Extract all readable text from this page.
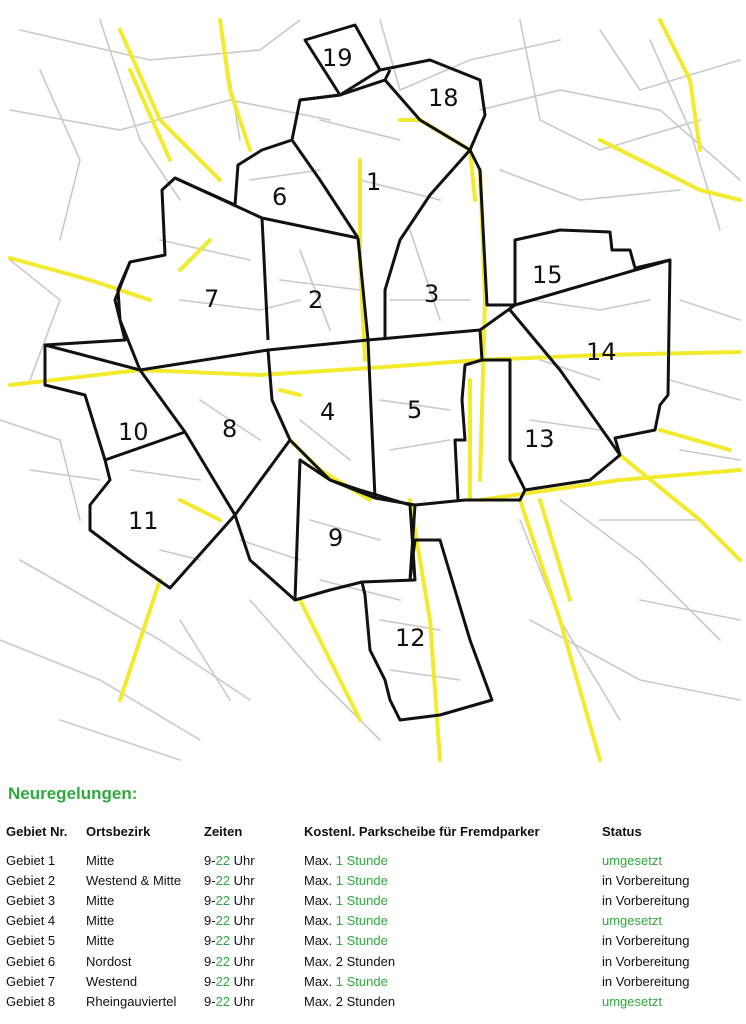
19
18
1
6
7	2	3
15
14
5
4
8
10	13
11
9
12
Neuregelungen:
Gebiet Nr.	Ortsbezirk	Zeiten	Kostenl. Parkscheibe für Fremdparker	Status

Gebiet 1	Mitte	9-22 Uhr	Max. 1 Stunde	umgesetzt
Gebiet 2	Westend & Mitte	9-22 Uhr	Max. 1 Stunde	in Vorbereitung
Gebiet 3	Mitte	9-22 Uhr	Max. 1 Stunde	in Vorbereitung
Gebiet 4	Mitte	9-22 Uhr	Max. 1 Stunde	umgesetzt
Gebiet 5	Mitte	9-22 Uhr	Max. 1 Stunde	in Vorbereitung
Gebiet 6	Nordost	9-22 Uhr	Max. 2 Stunden	in Vorbereitung
Gebiet 7	Westend	9-22 Uhr	Max. 1 Stunde	in Vorbereitung
Gebiet 8	Rheingauviertel	9-22 Uhr	Max. 2 Stunden	umgesetzt
